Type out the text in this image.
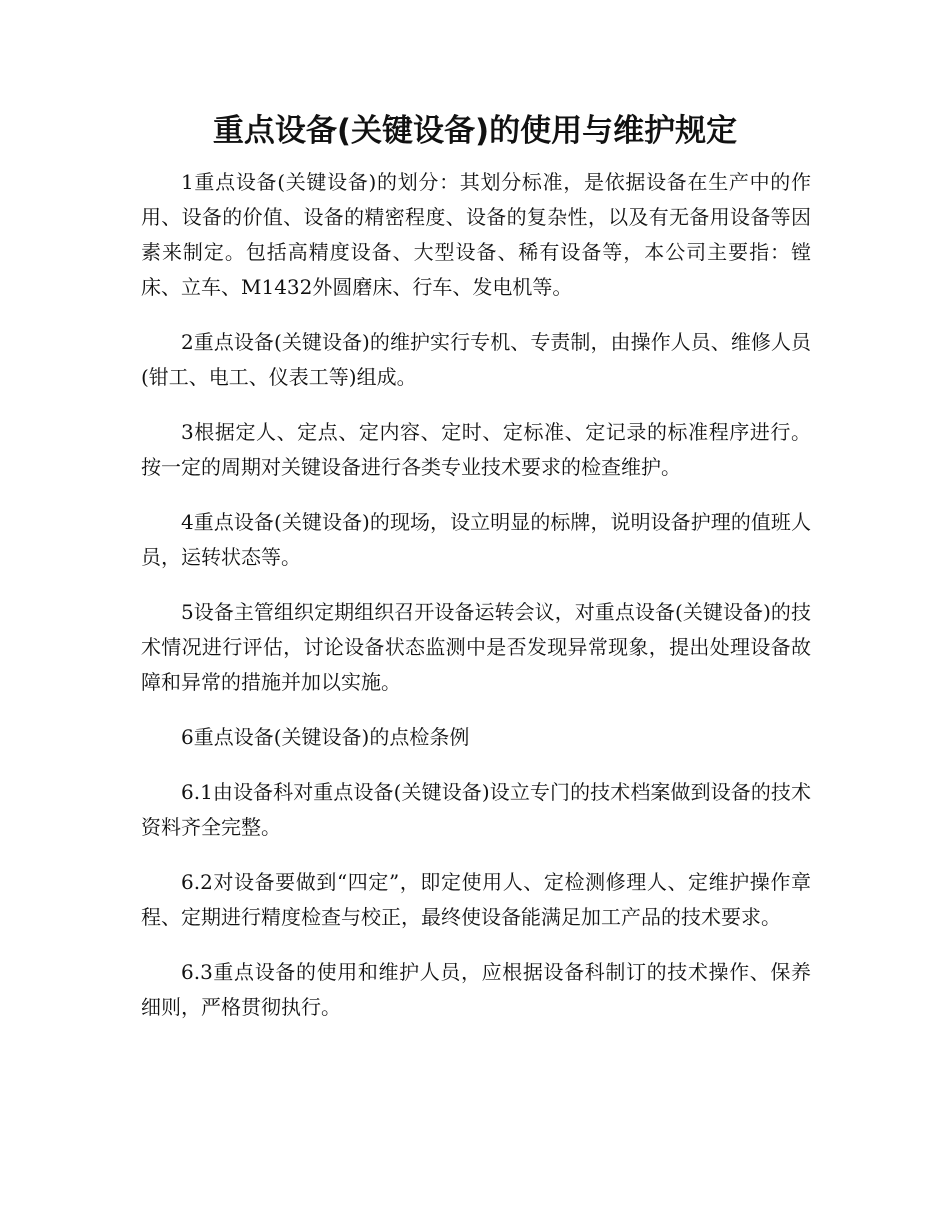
重点设备(关键设备)的使用与维护规定

1重点设备(关键设备)的划分：其划分标准，是依据设备在生产中的作用、设备的价值、设备的精密程度、设备的复杂性，以及有无备用设备等因素来制定。包括高精度设备、大型设备、稀有设备等，本公司主要指：镗床、立车、M1432外圆磨床、行车、发电机等。

2重点设备(关键设备)的维护实行专机、专责制，由操作人员、维修人员(钳工、电工、仪表工等)组成。

3根据定人、定点、定内容、定时、定标准、定记录的标准程序进行。按一定的周期对关键设备进行各类专业技术要求的检查维护。

4重点设备(关键设备)的现场，设立明显的标牌，说明设备护理的值班人员，运转状态等。

5设备主管组织定期组织召开设备运转会议，对重点设备(关键设备)的技术情况进行评估，讨论设备状态监测中是否发现异常现象，提出处理设备故障和异常的措施并加以实施。

6重点设备(关键设备)的点检条例

6.1由设备科对重点设备(关键设备)设立专门的技术档案做到设备的技术资料齐全完整。

6.2对设备要做到“四定”，即定使用人、定检测修理人、定维护操作章程、定期进行精度检查与校正，最终使设备能满足加工产品的技术要求。

6.3重点设备的使用和维护人员，应根据设备科制订的技术操作、保养细则，严格贯彻执行。
